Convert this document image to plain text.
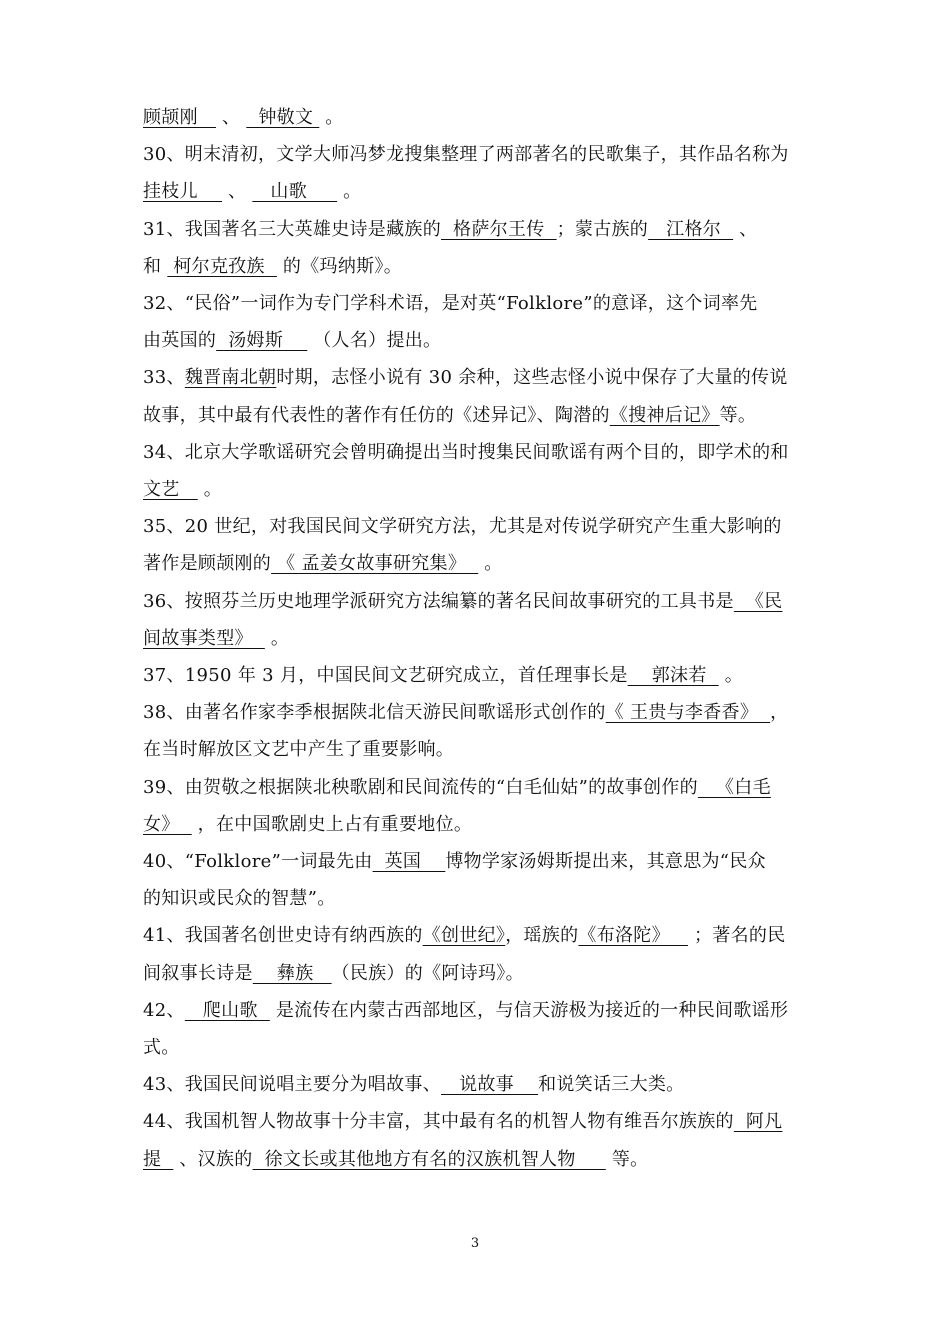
顾颉刚    、   钟敬文  。
30、明末清初，文学大师冯梦龙搜集整理了两部著名的民歌集子，其作品名称为
挂枝儿     、    山歌      。
31、我国著名三大英雄史诗是藏族的  格萨尔王传  ；蒙古族的   江格尔   、
和  柯尔克孜族   的《玛纳斯》。
32、“民俗”一词作为专门学科术语，是对英“Folklore”的意译，这个词率先
由英国的  汤姆斯     （人名）提出。
33、魏晋南北朝时期，志怪小说有 30 余种，这些志怪小说中保存了大量的传说
故事，其中最有代表性的著作有任仿的《述异记》、陶潜的《搜神后记》等。
34、北京大学歌谣研究会曾明确提出当时搜集民间歌谣有两个目的，即学术的和
文艺    。
35、20 世纪，对我国民间文学研究方法，尤其是对传说学研究产生重大影响的
著作是顾颉刚的 《 孟姜女故事研究集》   。
36、按照芬兰历史地理学派研究方法编纂的著名民间故事研究的工具书是  《民
间故事类型》   。
37、1950 年 3 月，中国民间文艺研究成立，首任理事长是    郭沫若   。
38、由著名作家李季根据陕北信天游民间歌谣形式创作的《 王贵与李香香》  ，
在当时解放区文艺中产生了重要影响。
39、由贺敬之根据陕北秧歌剧和民间流传的“白毛仙姑”的故事创作的   《白毛
女》   ，在中国歌剧史上占有重要地位。
40、“Folklore”一词最先由  英国    博物学家汤姆斯提出来，其意思为“民众
的知识或民众的智慧”。
41、我国著名创世史诗有纳西族的《创世纪》，瑶族的《布洛陀》    ；著名的民
间叙事长诗是    彝族   （民族）的《阿诗玛》。
42、   爬山歌   是流传在内蒙古西部地区，与信天游极为接近的一种民间歌谣形
式。
43、我国民间说唱主要分为唱故事、   说故事    和说笑话三大类。
44、我国机智人物故事十分丰富，其中最有名的机智人物有维吾尔族族的  阿凡
提   、汉族的  徐文长或其他地方有名的汉族机智人物      等。
3
